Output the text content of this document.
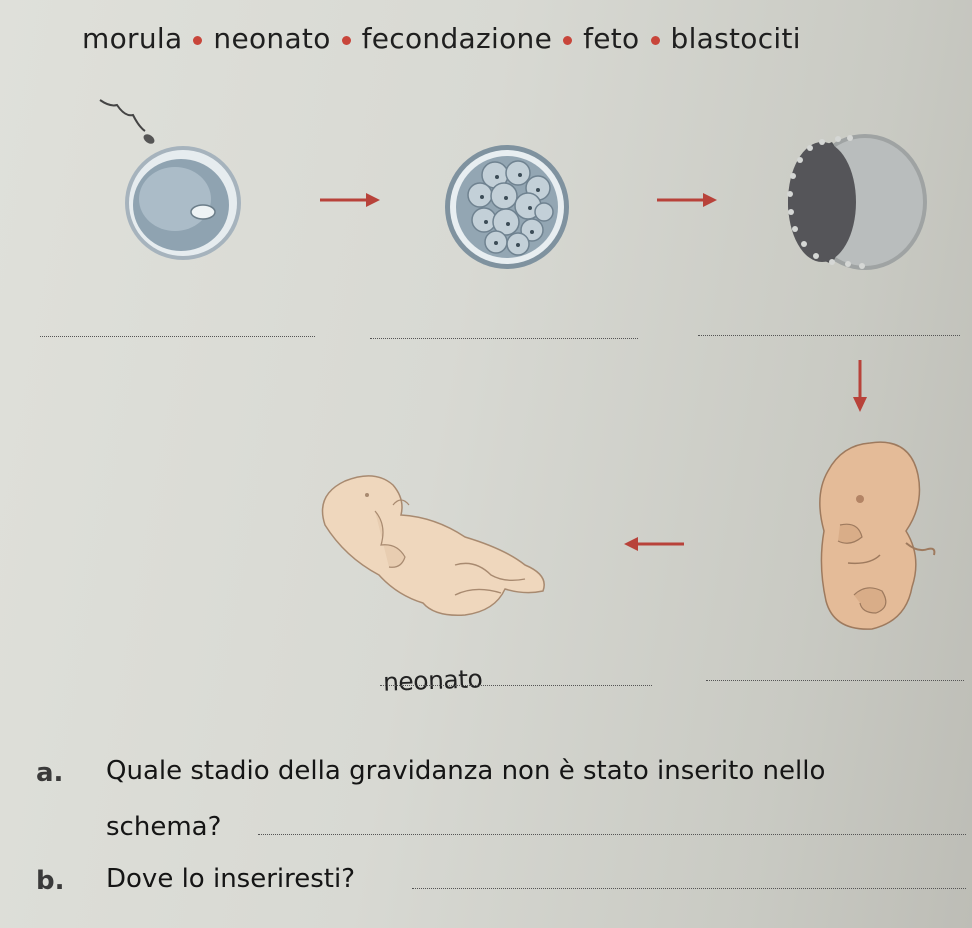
morula neonato fecondazione feto blastociti
neonato
a. Quale stadio della gravidanza non è stato inserito nello
schema?
b. Dove lo inseriresti?
